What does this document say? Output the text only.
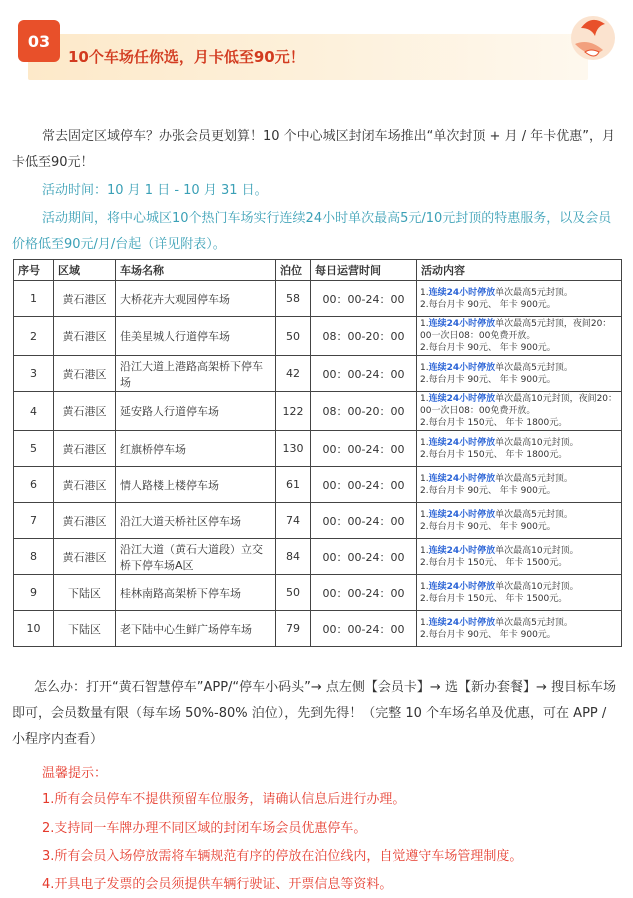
03
10个车场任你选，月卡低至90元！
常去固定区域停车？办张会员更划算！10 个中心城区封闭车场推出“单次封顶 + 月 / 年卡优惠”，月卡低至90元！
活动时间：10 月 1 日 - 10 月 31 日。
活动期间，将中心城区10个热门车场实行连续24小时单次最高5元/10元封顶的特惠服务，以及会员价格低至90元/月/台起（详见附表）。
序号	区域	车场名称	泊位	每日运营时间	活动内容
1	黄石港区	大桥花卉大观园停车场	58	00：00-24：00	1.连续24小时停放单次最高5元封顶。
2.每台月卡 90元、 年卡 900元。

2	黄石港区	佳美星城人行道停车场	50	08：00-20：00	1.连续24小时停放单次最高5元封顶，夜间20：00一次日08：00免费开放。
2.每台月卡 90元、 年卡 900元。

3	黄石港区	沿江大道上港路高架桥下停车场	42	00：00-24：00	1.连续24小时停放单次最高5元封顶。
2.每台月卡 90元、 年卡 900元。

4	黄石港区	延安路人行道停车场	122	08：00-20：00	1.连续24小时停放单次最高10元封顶，夜间20：00一次日08：00免费开放。
2.每台月卡 150元、 年卡 1800元。

5	黄石港区	红旗桥停车场	130	00：00-24：00	1.连续24小时停放单次最高10元封顶。
2.每台月卡 150元、 年卡 1800元。

6	黄石港区	情人路楼上楼停车场	61	00：00-24：00	1.连续24小时停放单次最高5元封顶。
2.每台月卡 90元、 年卡 900元。

7	黄石港区	沿江大道天桥社区停车场	74	00：00-24：00	1.连续24小时停放单次最高5元封顶。
2.每台月卡 90元、 年卡 900元。

8	黄石港区	沿江大道（黄石大道段）立交桥下停车场A区	84	00：00-24：00	1.连续24小时停放单次最高10元封顶。
2.每台月卡 150元、 年卡 1500元。

9	下陆区	桂林南路高架桥下停车场	50	00：00-24：00	1.连续24小时停放单次最高10元封顶。
2.每台月卡 150元、 年卡 1500元。

10	下陆区	老下陆中心生鲜广场停车场	79	00：00-24：00	1.连续24小时停放单次最高5元封顶。
2.每台月卡 90元、 年卡 900元。
怎么办：打开“黄石智慧停车”APP/“停车小码头”→ 点左侧【会员卡】→ 选【新办套餐】→ 搜目标车场即可，会员数量有限（每车场 50%-80% 泊位），先到先得！（完整 10 个车场名单及优惠，可在 APP / 小程序内查看）
温馨提示：
1.所有会员停车不提供预留车位服务，请确认信息后进行办理。
2.支持同一车牌办理不同区域的封闭车场会员优惠停车。
3.所有会员入场停放需将车辆规范有序的停放在泊位线内，自觉遵守车场管理制度。
4.开具电子发票的会员须提供车辆行驶证、开票信息等资料。
